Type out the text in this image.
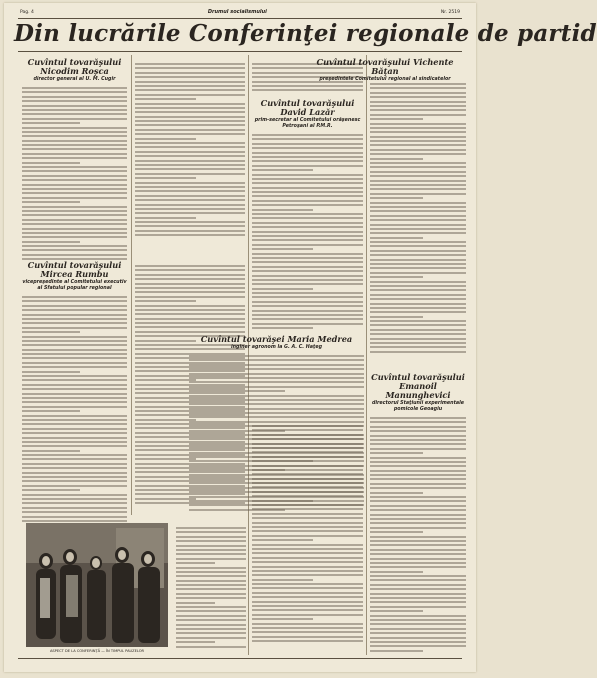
Pag. 4	Drumul socialismului	Nr. 2519
Din lucrările Conferinţei regionale de partid
Cuvîntul tovarăşului Nicodim Roşca
director general al U. M. Cugir
Cuvîntul tovarăşului Mircea Rumbu
vicepreşedinte al Comitetului executiv al Sfatului popular regional
Cuvîntul tovarăşului David Lazăr
prim-secretar al Comitetului orăşenesc Petroşani al P.M.R.
Cuvîntul tovarăşei Maria Medrea
inginer agronom la G. A. C. Haţeg
Cuvîntul tovarăşului Vichente Băţan
preşedintele Comitetului regional al sindicatelor
Cuvîntul tovarăşului Emanoil Manunghevici
directorul Staţiunii experimentale pomicole Geoagiu
ASPECT DE LA CONFERINŢĂ — ÎN TIMPUL PAUZELOR
